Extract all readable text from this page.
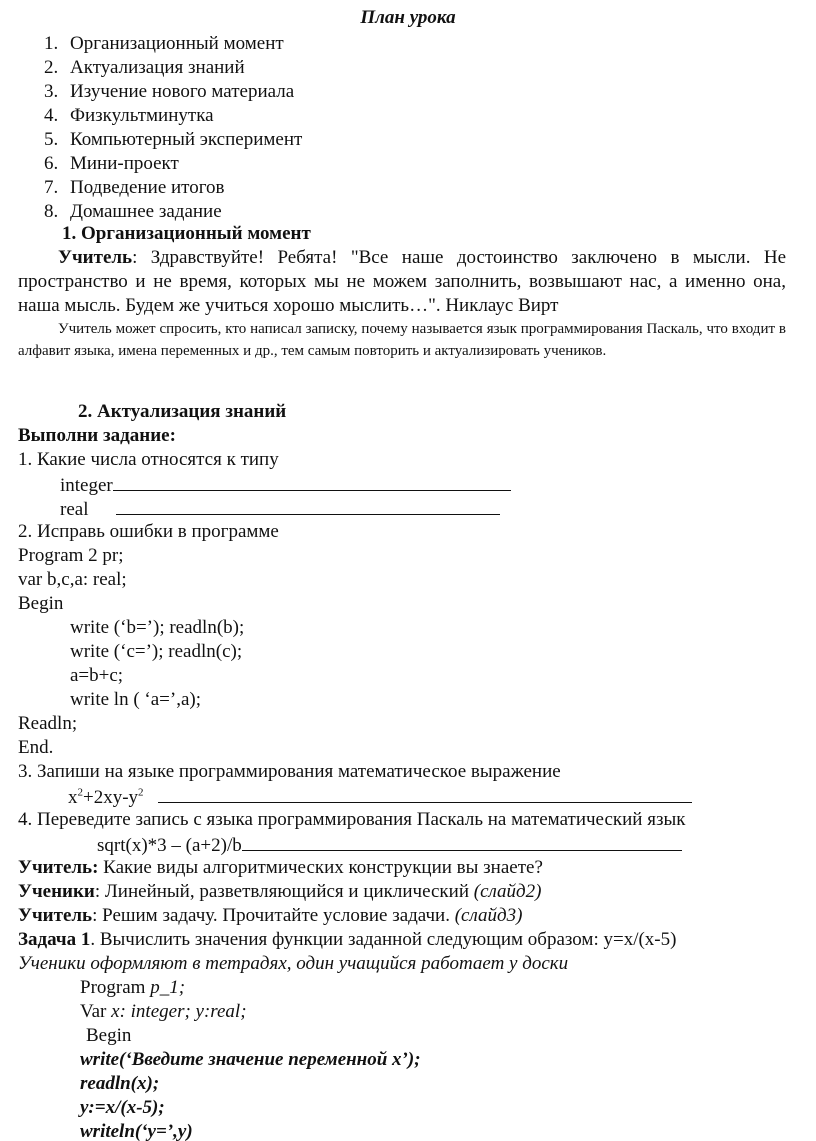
План урока
1. Организационный момент
2. Актуализация знаний
3. Изучение нового материала
4. Физкультминутка
5. Компьютерный эксперимент
6. Мини-проект
7. Подведение итогов
8. Домашнее задание
1. Организационный момент
Учитель: Здравствуйте! Ребята! "Все наше достоинство заключено в мысли. Не пространство и не время, которых мы не можем заполнить, возвышают нас, а именно она, наша мысль. Будем же учиться хорошо мыслить…". Никлаус Вирт
Учитель может спросить, кто написал записку, почему называется язык программирования Паскаль, что входит в алфавит языка, имена переменных и др., тем самым повторить и актуализировать учеников.
2. Актуализация знаний
Выполни задание:
1. Какие числа относятся к типу
integer
real
2. Исправь ошибки в программе
Program 2 pr;
var b,c,a: real;
Begin
write (‘b=’); readln(b);
write (‘c=’); readln(c);
a=b+c;
write ln ( ‘a=’,a);
Readln;
End.
3. Запиши на языке программирования математическое выражение
$x^2+2xy-y^2$
4. Переведите запись с языка программирования Паскаль на математический язык
sqrt(x)*3 – (a+2)/b
Учитель: Какие виды алгоритмических конструкции вы знаете?
Ученики: Линейный, разветвляющийся и циклический (слайд2)
Учитель: Решим задачу. Прочитайте условие задачи. (слайд3)
Задача 1. Вычислить значения функции заданной следующим образом: y=x/(x-5)
Ученики оформляют в тетрадях, один учащийся работает у доски
Program p_1;
Var x: integer; y:real;
Begin
write(‘Введите значение переменной x’);
readln(x);
y:=x/(x-5);
writeln(‘y=’,y)
